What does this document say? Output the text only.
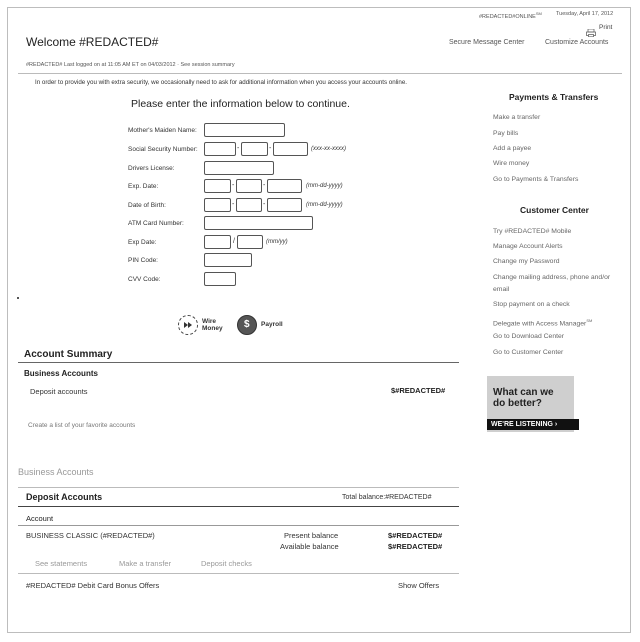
#REDACTED#ONLINE℠	Tuesday, April 17, 2012
Print
Welcome #REDACTED#	Secure Message Center	Customize Accounts
#REDACTED# Last logged on at 11:05 AM ET on 04/03/2012 · See session summary
In order to provide you with extra security, we occasionally need to ask for additional information when you access your accounts online.
Please enter the information below to continue.
Mother's Maiden Name:
Social Security Number:	-	-	(xxx-xx-xxxx)
Drivers License:
Exp. Date:	-	-	(mm-dd-yyyy)
Date of Birth:	-	-	(mm-dd-yyyy)
ATM Card Number:
Exp Date:	/	(mm/yy)
PIN Code:
CVV Code:
Wire
Money $ Payroll
Account Summary
Business Accounts
Deposit accounts	$#REDACTED#
Create a list of your favorite accounts
Business Accounts
Deposit Accounts	Total balance:#REDACTED#
Account
BUSINESS CLASSIC (#REDACTED#)	Present balance	$#REDACTED#
Available balance	$#REDACTED#
See statements	Make a transfer	Deposit checks
#REDACTED# Debit Card Bonus Offers	Show Offers
Payments & Transfers
Make a transfer
Pay bills
Add a payee
Wire money
Go to Payments & Transfers
Customer Center
Try #REDACTED# Mobile
Manage Account Alerts
Change my Password
Change mailing address, phone and/or
email
Stop payment on a check
Delegate with Access Manager℠
Go to Download Center
Go to Customer Center
What can we
do better?
WE'RE LISTENING ›
